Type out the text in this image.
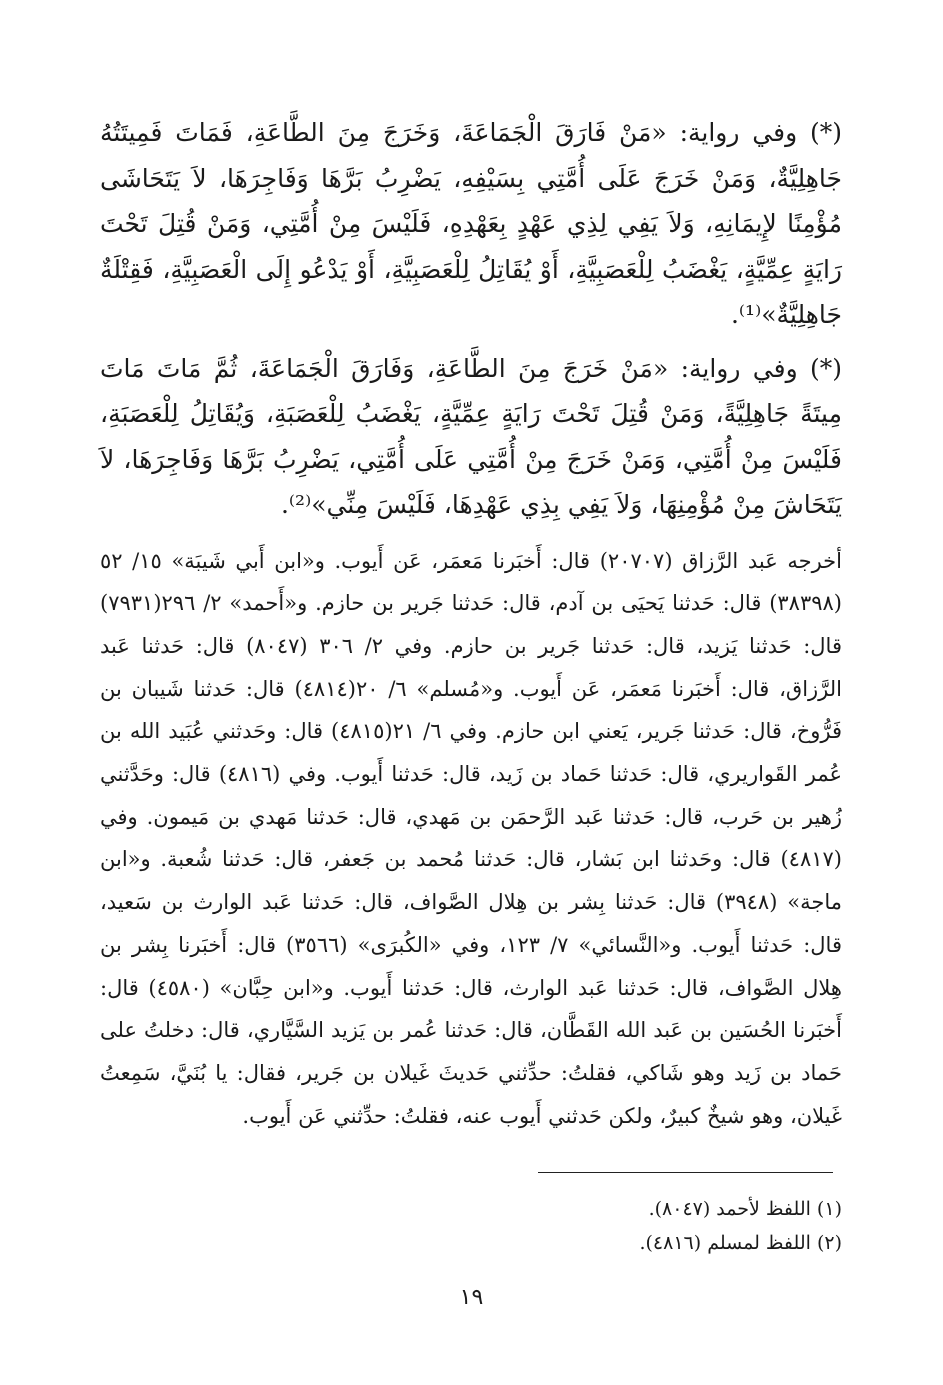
(*) وفي رواية: «مَنْ فَارَقَ الْجَمَاعَةَ، وَخَرَجَ مِنَ الطَّاعَةِ، فَمَاتَ فَمِيتَتُهُ جَاهِلِيَّةٌ، وَمَنْ خَرَجَ عَلَى أُمَّتِي بِسَيْفِهِ، يَضْرِبُ بَرَّهَا وَفَاجِرَهَا، لاَ يَتَحَاشَى مُؤْمِنًا لإِيمَانِهِ، وَلاَ يَفِي لِذِي عَهْدٍ بِعَهْدِهِ، فَلَيْسَ مِنْ أُمَّتِي، وَمَنْ قُتِلَ تَحْتَ رَايَةٍ عِمِّيَّةٍ، يَغْضَبُ لِلْعَصَبِيَّةِ، أَوْ يُقَاتِلُ لِلْعَصَبِيَّةِ، أَوْ يَدْعُو إِلَى الْعَصَبِيَّةِ، فَقِتْلَةٌ جَاهِلِيَّةٌ»⁽¹⁾.

(*) وفي رواية: «مَنْ خَرَجَ مِنَ الطَّاعَةِ، وَفَارَقَ الْجَمَاعَةَ، ثُمَّ مَاتَ مَاتَ مِيتَةً جَاهِلِيَّةً، وَمَنْ قُتِلَ تَحْتَ رَايَةٍ عِمِّيَّةٍ، يَغْضَبُ لِلْعَصَبَةِ، وَيُقَاتِلُ لِلْعَصَبَةِ، فَلَيْسَ مِنْ أُمَّتِي، وَمَنْ خَرَجَ مِنْ أُمَّتِي عَلَى أُمَّتِي، يَضْرِبُ بَرَّهَا وَفَاجِرَهَا، لاَ يَتَحَاشَ مِنْ مُؤْمِنِهَا، وَلاَ يَفِي بِذِي عَهْدِهَا، فَلَيْسَ مِنِّي»⁽²⁾.

أخرجه عَبد الرَّزاق (٢٠٧٠٧) قال: أَخبَرنا مَعمَر، عَن أَيوب. و«ابن أَبي شَيبَة» ١٥/ ٥٢ (٣٨٣٩٨) قال: حَدثنا يَحيَى بن آدم، قال: حَدثنا جَرير بن حازم. و«أَحمد» ٢/ ٢٩٦(٧٩٣١) قال: حَدثنا يَزيد، قال: حَدثنا جَرير بن حازم. وفي ٢/ ٣٠٦ (٨٠٤٧) قال: حَدثنا عَبد الرَّزاق، قال: أَخبَرنا مَعمَر، عَن أَيوب. و«مُسلم» ٦/ ٢٠(٤٨١٤) قال: حَدثنا شَيبان بن فَرُّوخ، قال: حَدثنا جَرير، يَعني ابن حازم. وفي ٦/ ٢١(٤٨١٥) قال: وحَدثني عُبَيد الله بن عُمر القَواريري، قال: حَدثنا حَماد بن زَيد، قال: حَدثنا أَيوب. وفي (٤٨١٦) قال: وحَدَّثني زُهير بن حَرب، قال: حَدثنا عَبد الرَّحمَن بن مَهدي، قال: حَدثنا مَهدي بن مَيمون. وفي (٤٨١٧) قال: وحَدثنا ابن بَشار، قال: حَدثنا مُحمد بن جَعفر، قال: حَدثنا شُعبة. و«ابن ماجة» (٣٩٤٨) قال: حَدثنا بِشر بن هِلال الصَّواف، قال: حَدثنا عَبد الوارث بن سَعيد، قال: حَدثنا أَيوب. و«النَّسائي» ٧/ ١٢٣، وفي «الكُبرَى» (٣٥٦٦) قال: أَخبَرنا بِشر بن هِلال الصَّواف، قال: حَدثنا عَبد الوارث، قال: حَدثنا أَيوب. و«ابن حِبَّان» (٤٥٨٠) قال: أَخبَرنا الحُسَين بن عَبد الله القَطَّان، قال: حَدثنا عُمر بن يَزيد السَّيَّاري، قال: دخلتُ على حَماد بن زَيد وهو شَاكي، فقلتُ: حدِّثني حَديثَ غَيلان بن جَرير، فقال: يا بُنَيَّ، سَمِعتُ غَيلان، وهو شيخٌ كبيرٌ، ولكن حَدثني أَيوب عنه، فقلتُ: حدِّثني عَن أَيوب.

(١) اللفظ لأحمد (٨٠٤٧).

(٢) اللفظ لمسلم (٤٨١٦).

١٩
